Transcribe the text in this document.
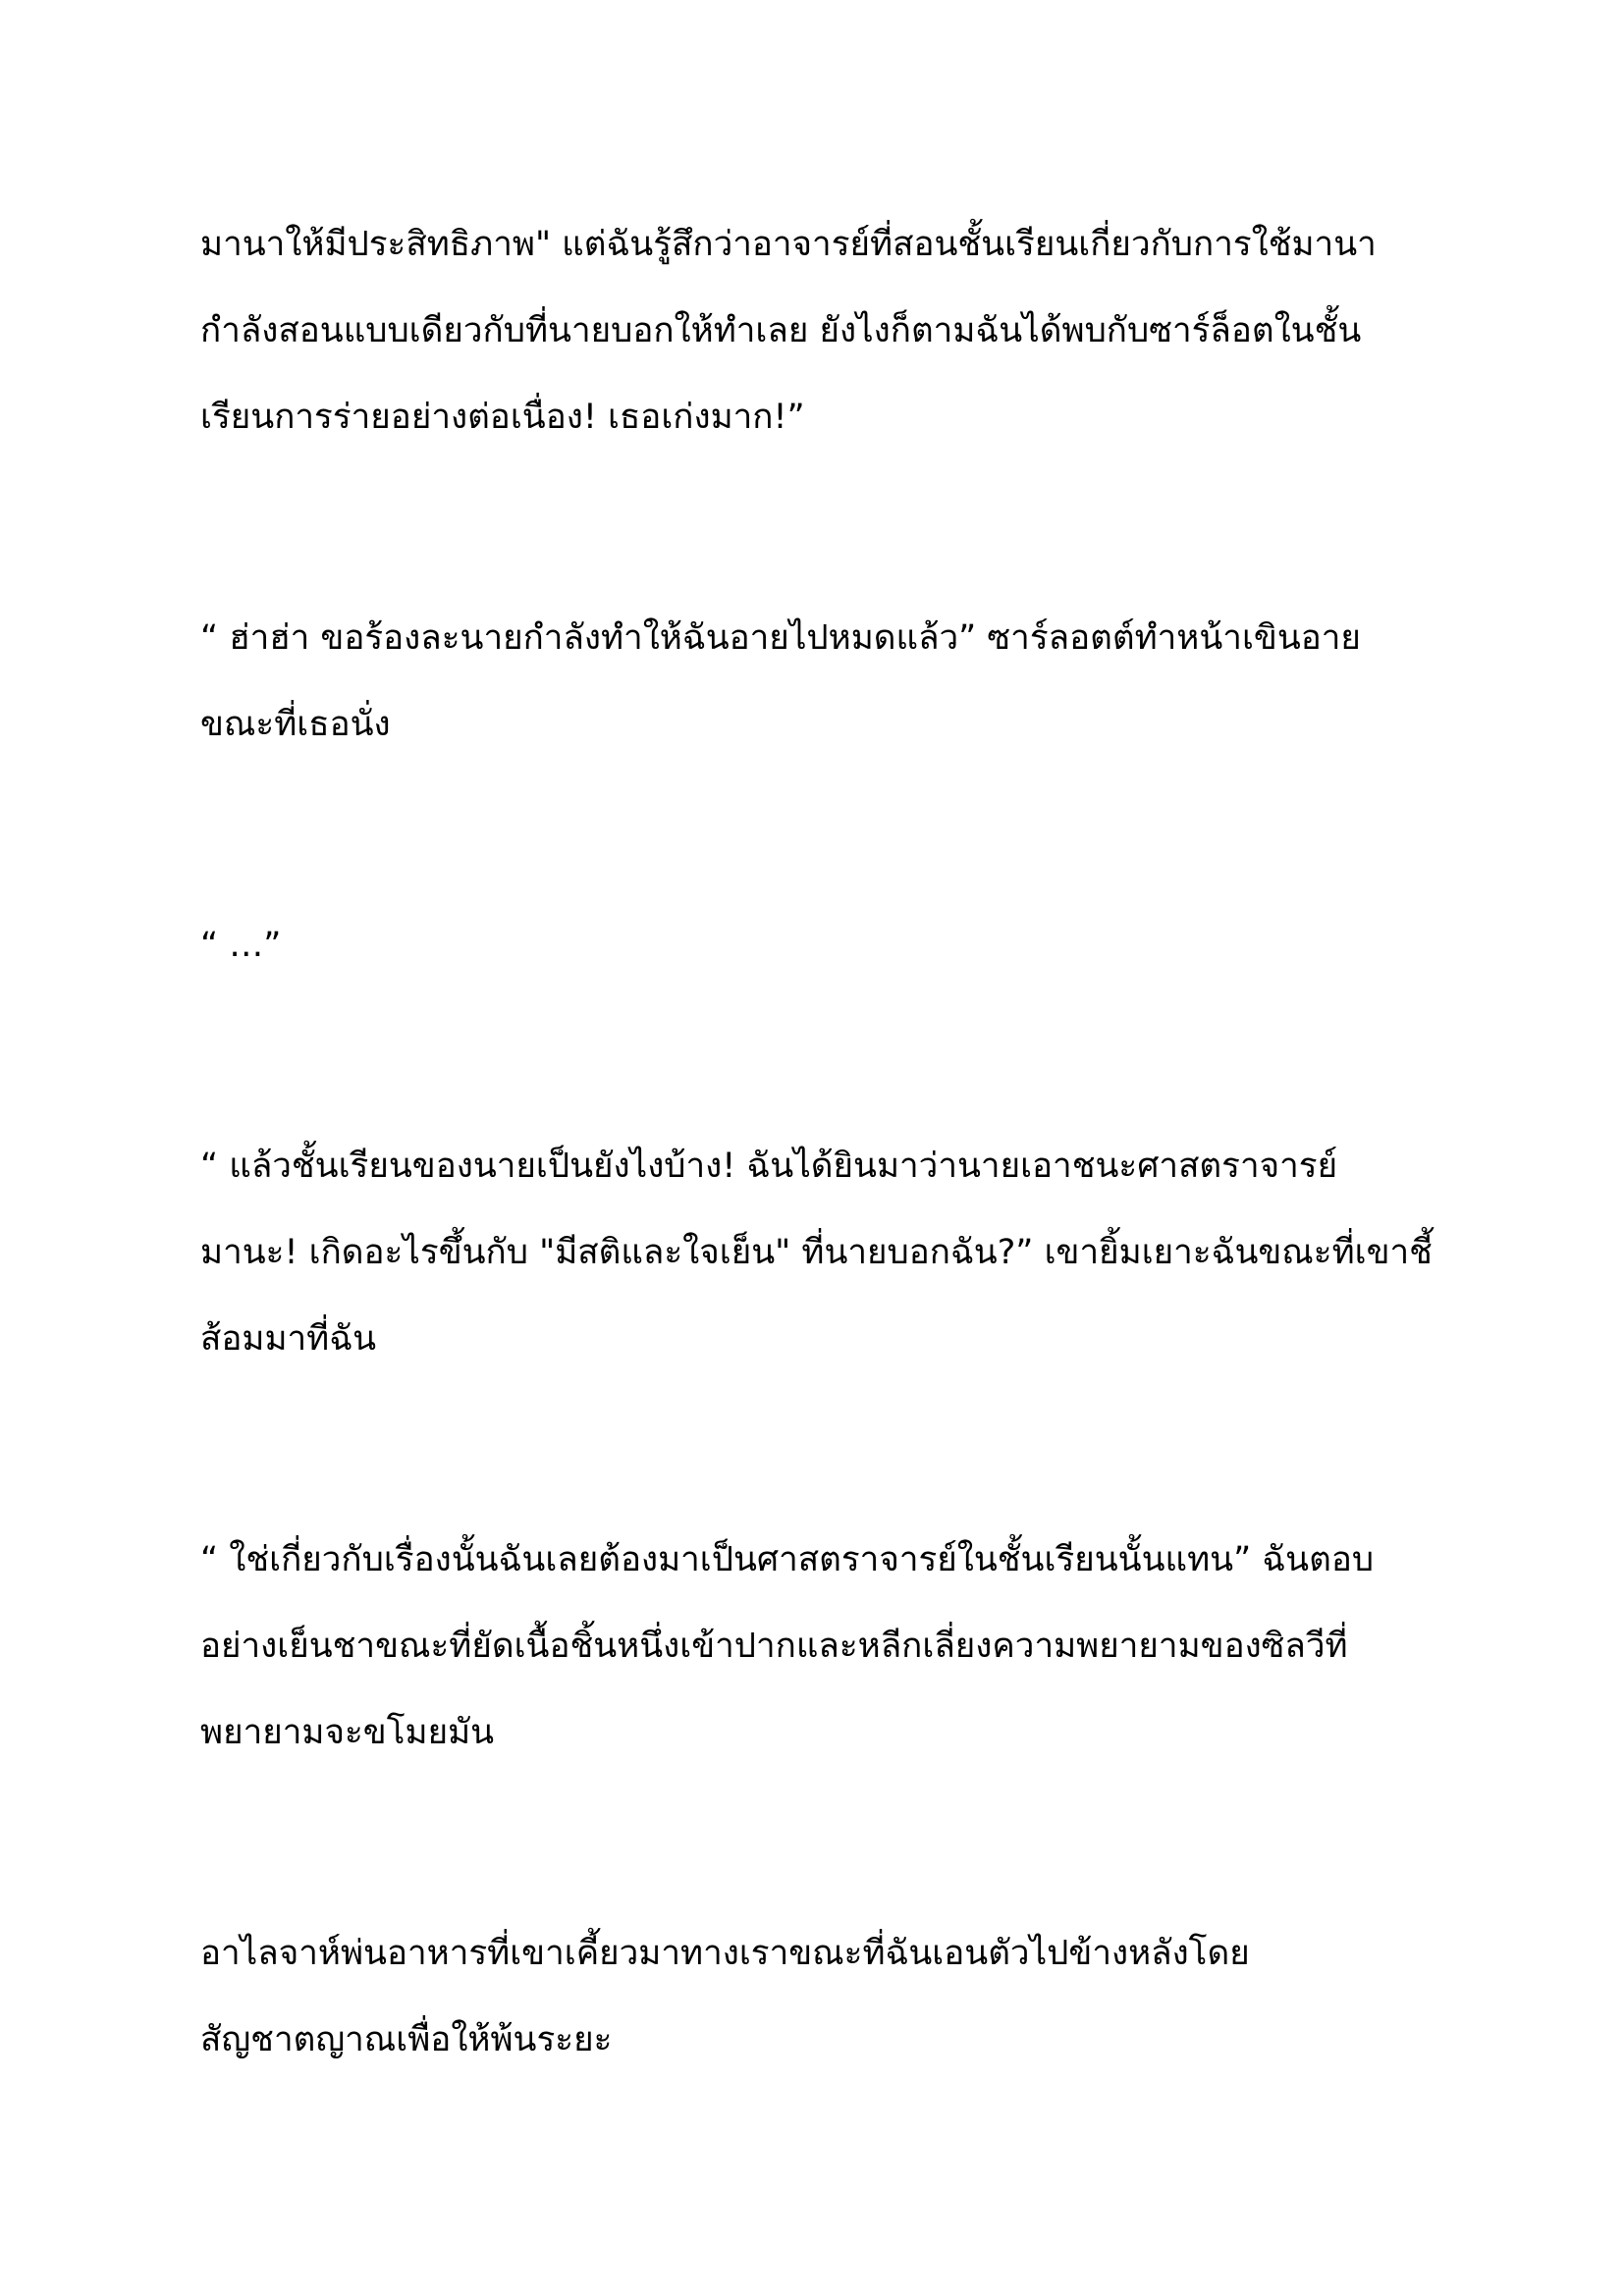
มานาให้มีประสิทธิภาพ" แต่ฉันรู้สึกว่าอาจารย์ที่สอนชั้นเรียนเกี่ยวกับการใช้มานา
กำลังสอนแบบเดียวกับที่นายบอกให้ทำเลย ยังไงก็ตามฉันได้พบกับซาร์ล็อตในชั้น
เรียนการร่ายอย่างต่อเนื่อง! เธอเก่งมาก!”

“ ฮ่าฮ่า ขอร้องละนายกำลังทำให้ฉันอายไปหมดแล้ว” ซาร์ลอตต์ทำหน้าเขินอาย
ขณะที่เธอนั่ง

“ …”

“ แล้วชั้นเรียนของนายเป็นยังไงบ้าง! ฉันได้ยินมาว่านายเอาชนะศาสตราจารย์
มานะ! เกิดอะไรขึ้นกับ "มีสติและใจเย็น" ที่นายบอกฉัน?” เขายิ้มเยาะฉันขณะที่เขาชี้
ส้อมมาที่ฉัน

“ ใช่เกี่ยวกับเรื่องนั้นฉันเลยต้องมาเป็นศาสตราจารย์ในชั้นเรียนนั้นแทน” ฉันตอบ
อย่างเย็นชาขณะที่ยัดเนื้อชิ้นหนึ่งเข้าปากและหลีกเลี่ยงความพยายามของซิลวีที่
พยายามจะขโมยมัน

อาไลจาห์พ่นอาหารที่เขาเคี้ยวมาทางเราขณะที่ฉันเอนตัวไปข้างหลังโดย
สัญชาตญาณเพื่อให้พ้นระยะ
